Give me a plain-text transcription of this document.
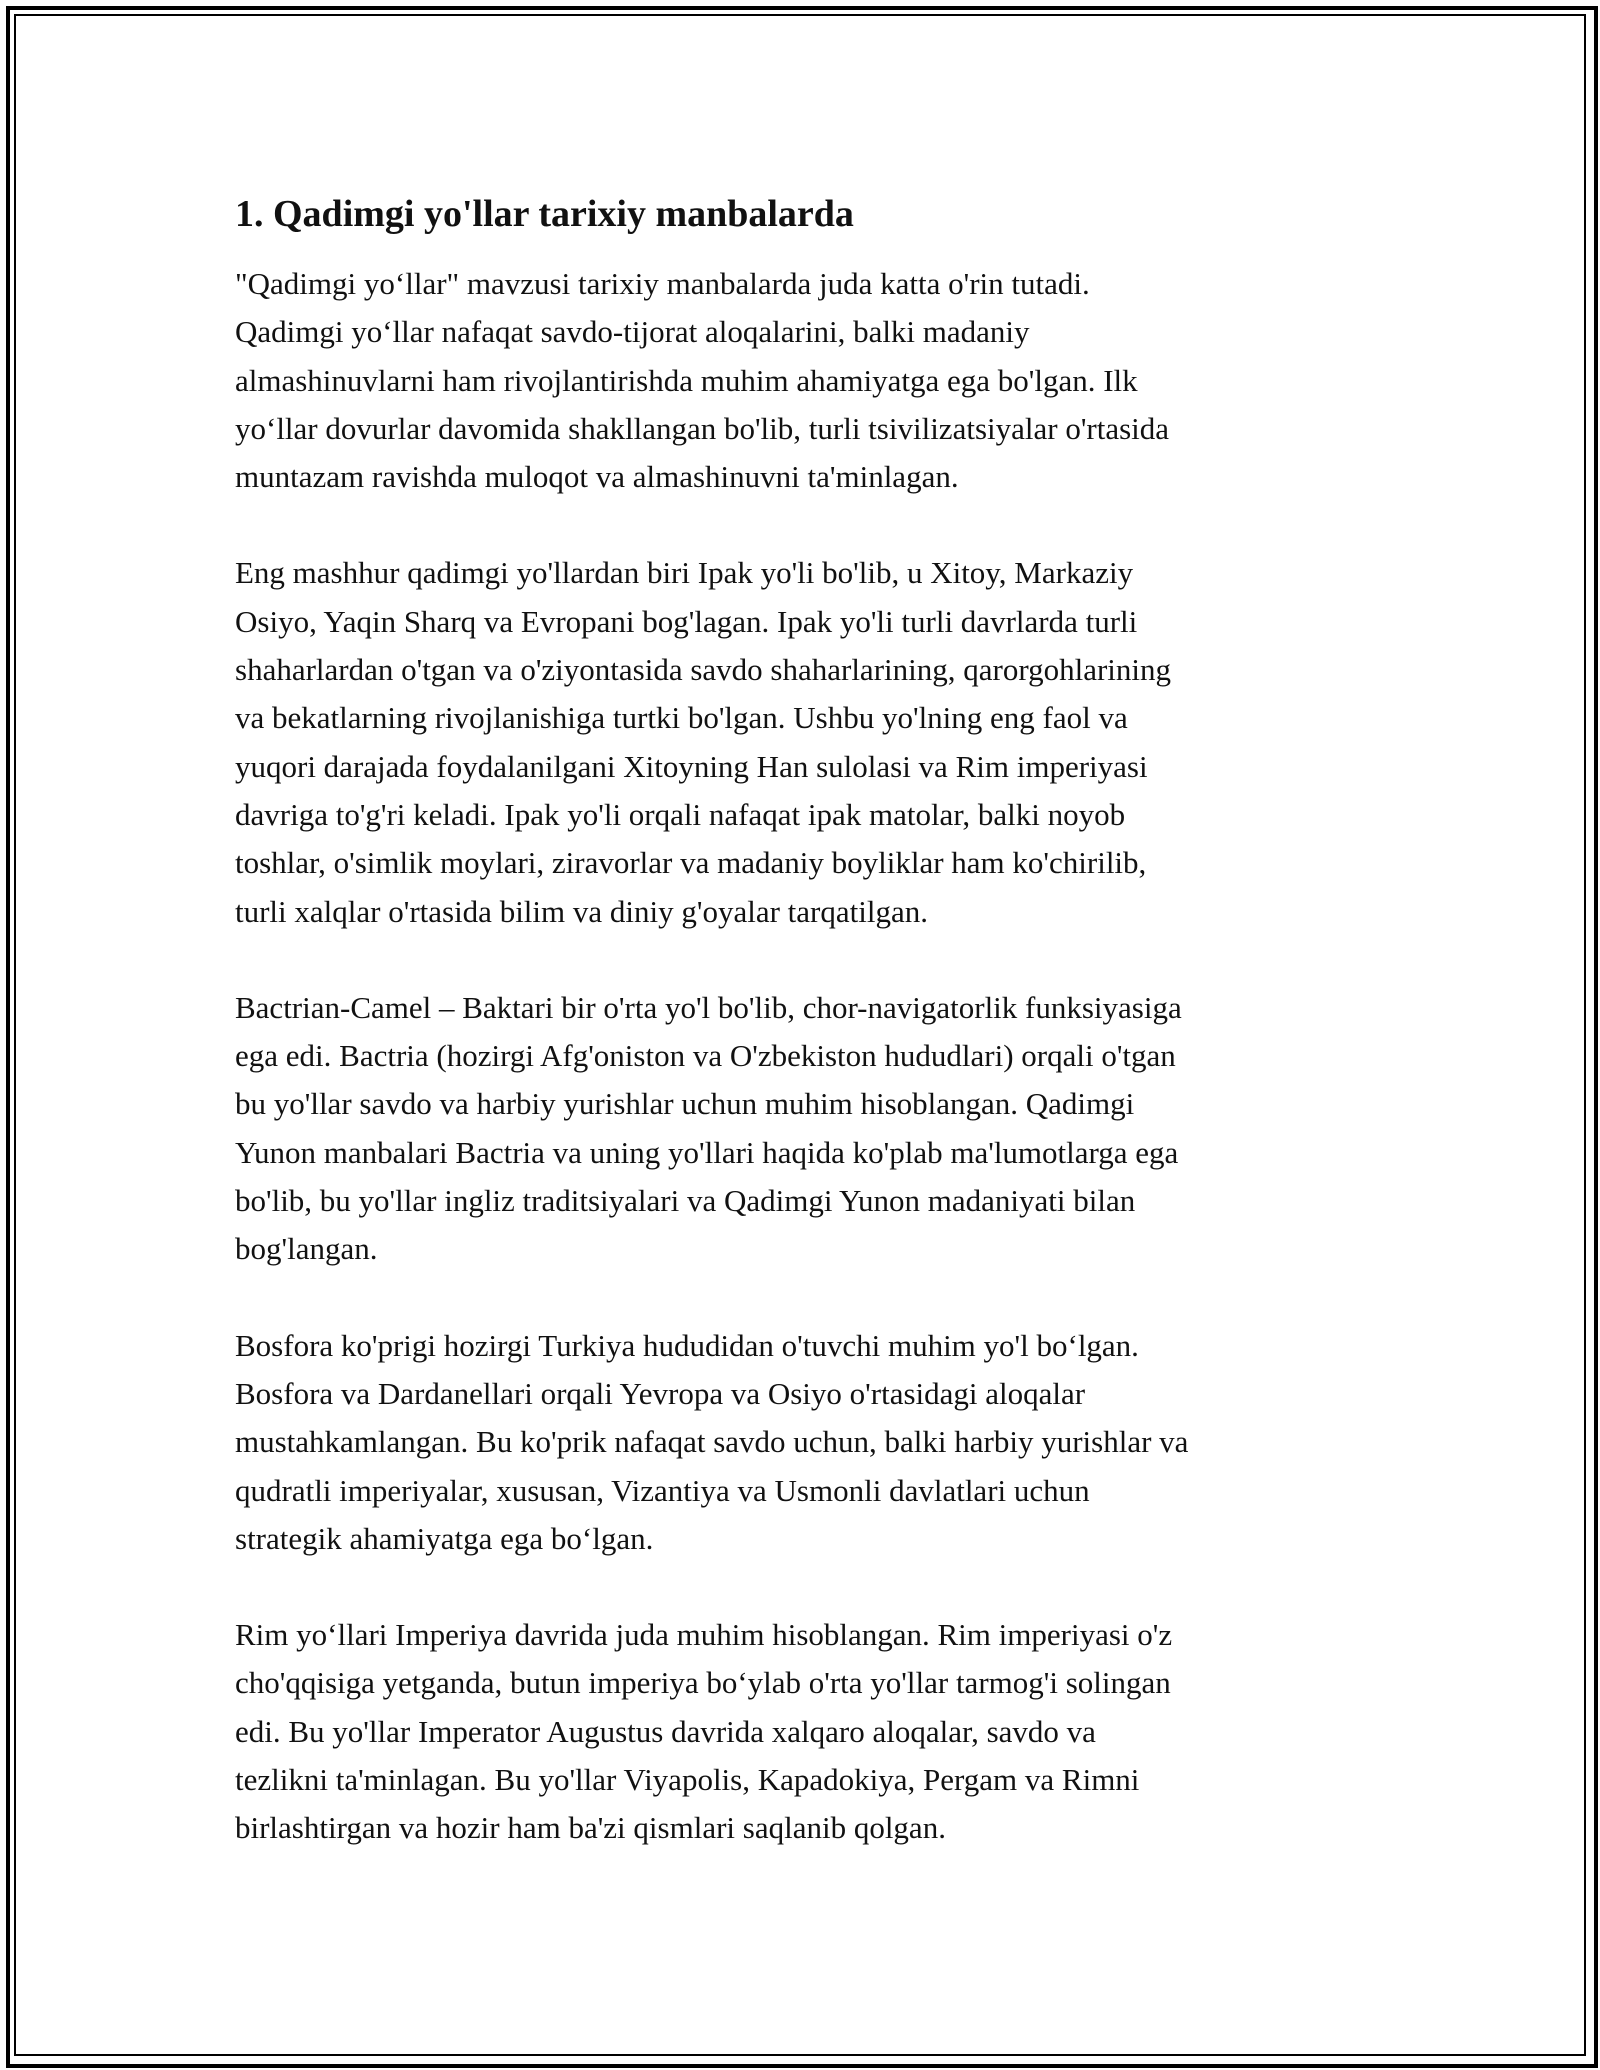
1. Qadimgi yo'llar tarixiy manbalarda

"Qadimgi yo‘llar" mavzusi tarixiy manbalarda juda katta o'rin tutadi.
Qadimgi yo‘llar nafaqat savdo-tijorat aloqalarini, balki madaniy
almashinuvlarni ham rivojlantirishda muhim ahamiyatga ega bo'lgan. Ilk
yo‘llar dovurlar davomida shakllangan bo'lib, turli tsivilizatsiyalar o'rtasida
muntazam ravishda muloqot va almashinuvni ta'minlagan.

Eng mashhur qadimgi yo'llardan biri Ipak yo'li bo'lib, u Xitoy, Markaziy
Osiyo, Yaqin Sharq va Evropani bog'lagan. Ipak yo'li turli davrlarda turli
shaharlardan o'tgan va o'ziyontasida savdo shaharlarining, qarorgohlarining
va bekatlarning rivojlanishiga turtki bo'lgan. Ushbu yo'lning eng faol va
yuqori darajada foydalanilgani Xitoyning Han sulolasi va Rim imperiyasi
davriga to'g'ri keladi. Ipak yo'li orqali nafaqat ipak matolar, balki noyob
toshlar, o'simlik moylari, ziravorlar va madaniy boyliklar ham ko'chirilib,
turli xalqlar o'rtasida bilim va diniy g'oyalar tarqatilgan.

Bactrian-Camel – Baktari bir o'rta yo'l bo'lib, chor-navigatorlik funksiyasiga
ega edi. Bactria (hozirgi Afg'oniston va O'zbekiston hududlari) orqali o'tgan
bu yo'llar savdo va harbiy yurishlar uchun muhim hisoblangan. Qadimgi
Yunon manbalari Bactria va uning yo'llari haqida ko'plab ma'lumotlarga ega
bo'lib, bu yo'llar ingliz traditsiyalari va Qadimgi Yunon madaniyati bilan
bog'langan.

Bosfora ko'prigi hozirgi Turkiya hududidan o'tuvchi muhim yo'l bo‘lgan.
Bosfora va Dardanellari orqali Yevropa va Osiyo o'rtasidagi aloqalar
mustahkamlangan. Bu ko'prik nafaqat savdo uchun, balki harbiy yurishlar va
qudratli imperiyalar, xususan, Vizantiya va Usmonli davlatlari uchun
strategik ahamiyatga ega bo‘lgan.

Rim yo‘llari Imperiya davrida juda muhim hisoblangan. Rim imperiyasi o'z
cho'qqisiga yetganda, butun imperiya bo‘ylab o'rta yo'llar tarmog'i solingan
edi. Bu yo'llar Imperator Augustus davrida xalqaro aloqalar, savdo va
tezlikni ta'minlagan. Bu yo'llar Viyapolis, Kapadokiya, Pergam va Rimni
birlashtirgan va hozir ham ba'zi qismlari saqlanib qolgan.
